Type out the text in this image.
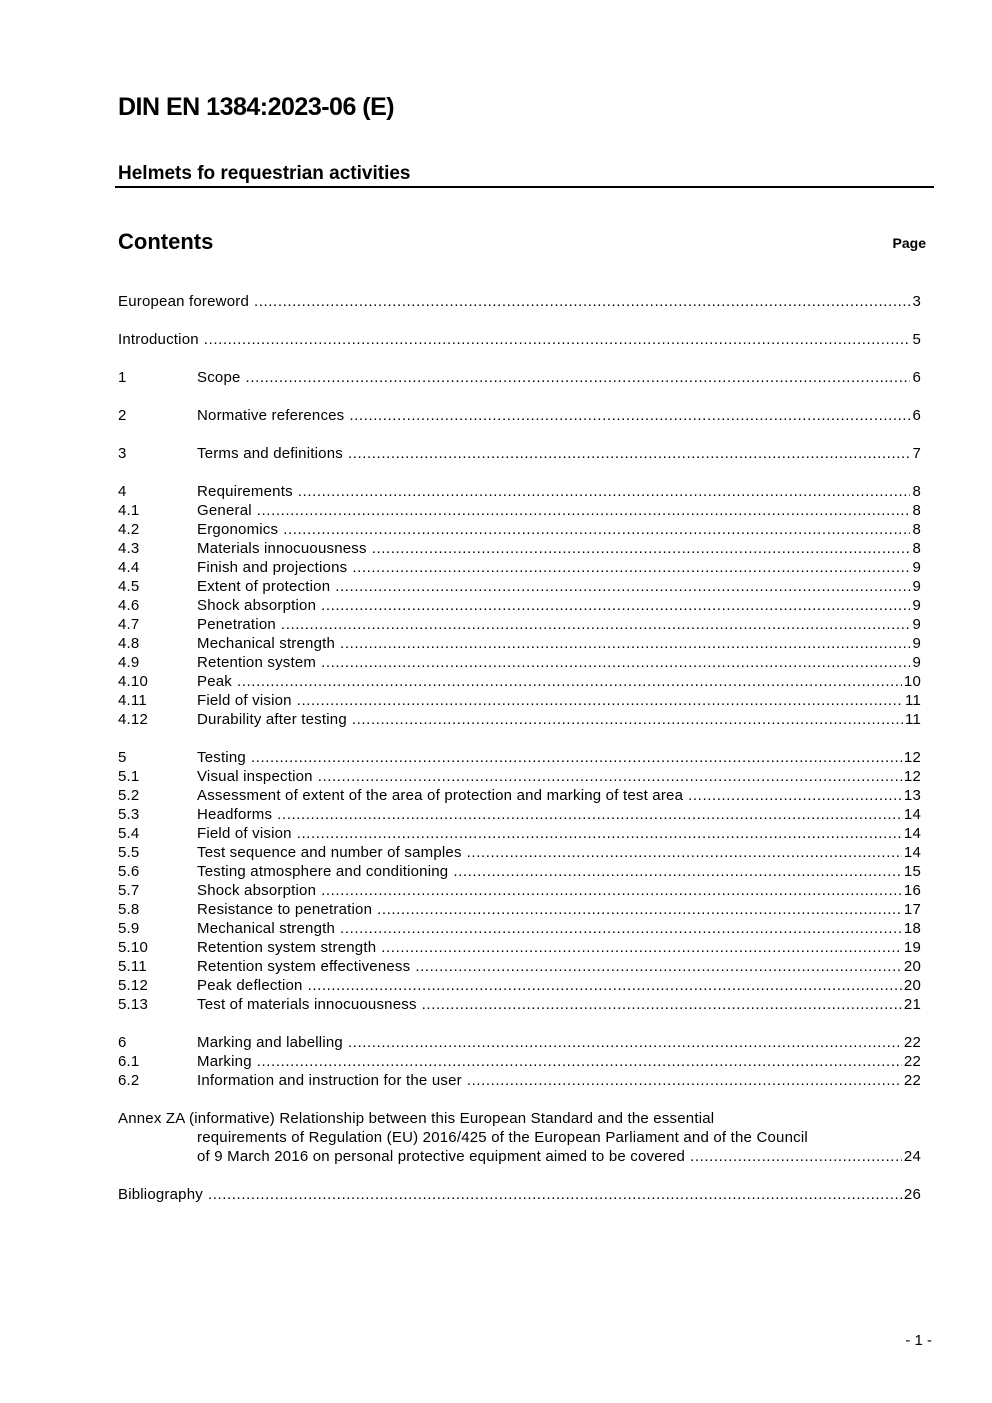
DIN EN 1384:2023-06 (E)
Helmets fo requestrian activities
Contents	Page
European foreword .....	3
Introduction .....	5
1	Scope .....	6
2	Normative references .....	6
3	Terms and definitions .....	7
4	Requirements .....	8
4.1	General .....	8
4.2	Ergonomics .....	8
4.3	Materials innocuousness .....	8
4.4	Finish and projections .....	9
4.5	Extent of protection .....	9
4.6	Shock absorption .....	9
4.7	Penetration .....	9
4.8	Mechanical strength .....	9
4.9	Retention system .....	9
4.10	Peak .....	10
4.11	Field of vision .....	11
4.12	Durability after testing .....	11
5	Testing .....	12
5.1	Visual inspection .....	12
5.2	Assessment of extent of the area of protection and marking of test area .....	13
5.3	Headforms .....	14
5.4	Field of vision .....	14
5.5	Test sequence and number of samples .....	14
5.6	Testing atmosphere and conditioning .....	15
5.7	Shock absorption .....	16
5.8	Resistance to penetration .....	17
5.9	Mechanical strength .....	18
5.10	Retention system strength .....	19
5.11	Retention system effectiveness .....	20
5.12	Peak deflection .....	20
5.13	Test of materials innocuousness .....	21
6	Marking and labelling .....	22
6.1	Marking .....	22
6.2	Information and instruction for the user .....	22
Annex ZA (informative) Relationship between this European Standard and the essential
requirements of Regulation (EU) 2016/425 of the European Parliament and of the Council
of 9 March 2016 on personal protective equipment aimed to be covered .....	24
Bibliography .....	26
- 1 -
